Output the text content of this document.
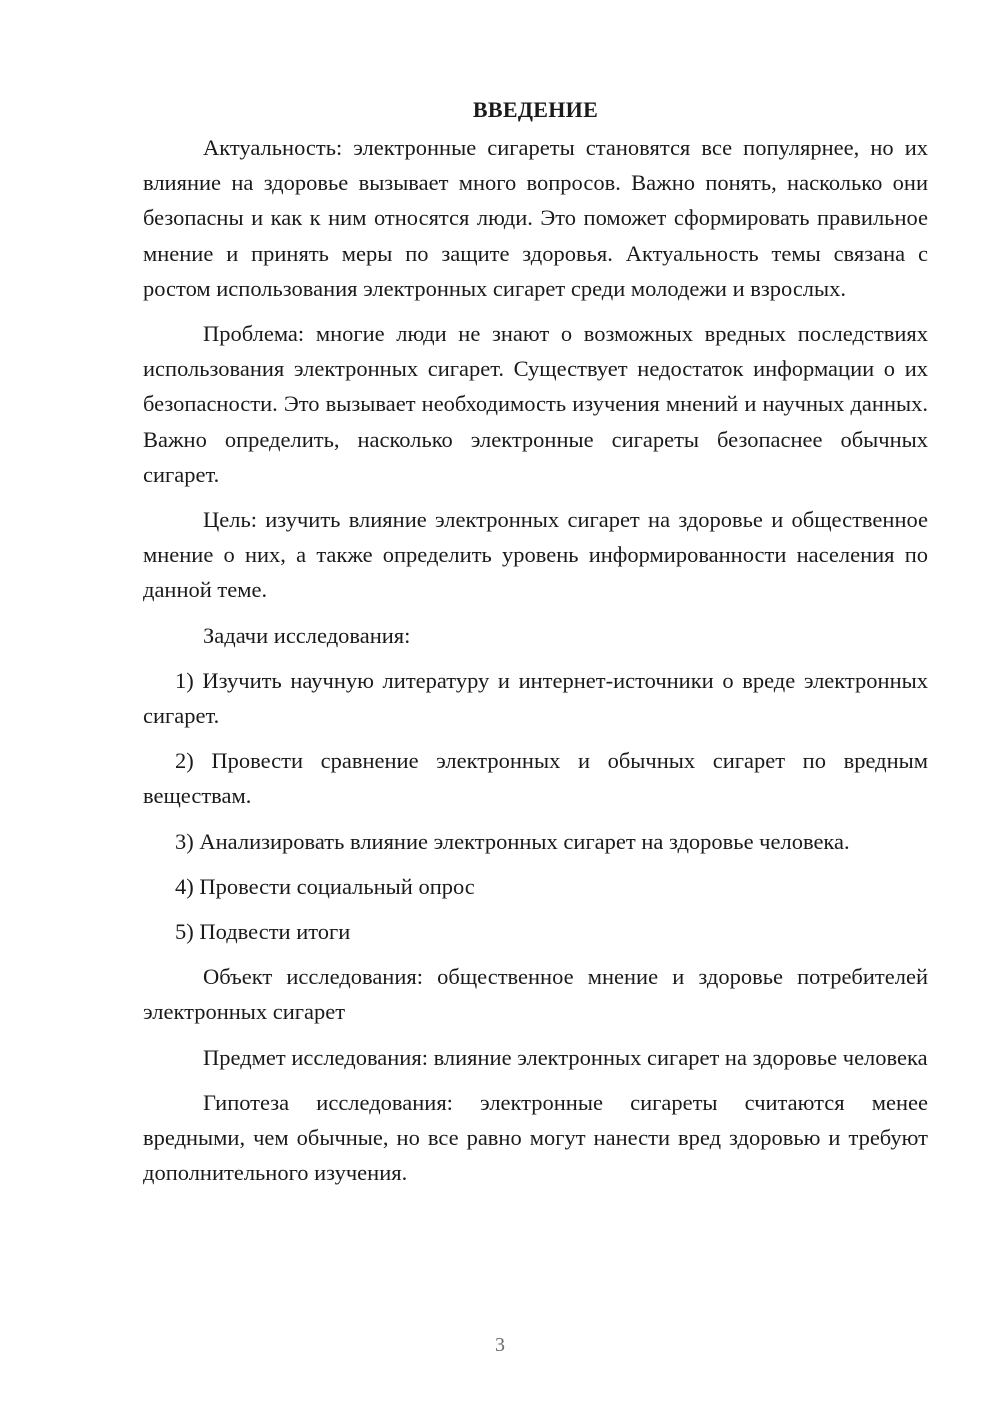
ВВЕДЕНИЕ

Актуальность: электронные сигареты становятся все популярнее, но их влияние на здоровье вызывает много вопросов. Важно понять, насколько они безопасны и как к ним относятся люди. Это поможет сформировать правильное мнение и принять меры по защите здоровья. Актуальность темы связана с ростом использования электронных сигарет среди молодежи и взрослых.

Проблема: многие люди не знают о возможных вредных последствиях использования электронных сигарет. Существует недостаток информации о их безопасности. Это вызывает необходимость изучения мнений и научных данных. Важно определить, насколько электронные сигареты безопаснее обычных сигарет.

Цель: изучить влияние электронных сигарет на здоровье и общественное мнение о них, а также определить уровень информированности населения по данной теме.

Задачи исследования:

1) Изучить научную литературу и интернет-источники о вреде электронных сигарет.

2) Провести сравнение электронных и обычных сигарет по вредным веществам.

3) Анализировать влияние электронных сигарет на здоровье человека.

4) Провести социальный опрос

5) Подвести итоги

Объект исследования: общественное мнение и здоровье потребителей электронных сигарет

Предмет исследования: влияние электронных сигарет на здоровье человека

Гипотеза исследования: электронные сигареты считаются менее вредными, чем обычные, но все равно могут нанести вред здоровью и требуют дополнительного изучения.

3
